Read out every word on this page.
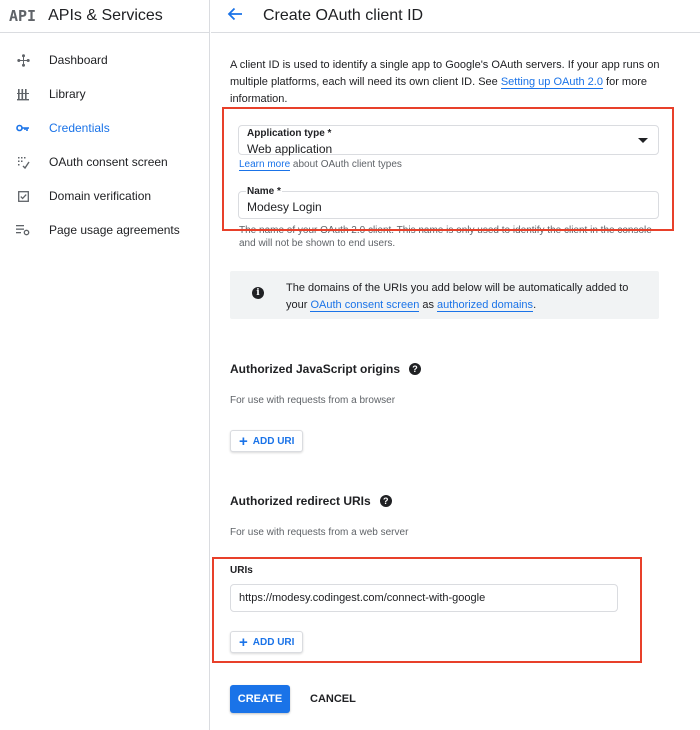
API APIs & Services
Dashboard
Library
Credentials
OAuth consent screen
Domain verification
Page usage agreements
Create OAuth client ID
A client ID is used to identify a single app to Google's OAuth servers. If your app runs on multiple platforms, each will need its own client ID. See Setting up OAuth 2.0 for more information.
Application type *
Web application
Learn more about OAuth client types
Name *
Modesy Login
The name of your OAuth 2.0 client. This name is only used to identify the client in the console and will not be shown to end users.
i	The domains of the URIs you add below will be automatically added to your OAuth consent screen as authorized domains.
Authorized JavaScript origins	?
For use with requests from a browser
+ ADD URI
Authorized redirect URIs	?
For use with requests from a web server
URIs
https://modesy.codingest.com/connect-with-google
+ ADD URI
CREATE	CANCEL
